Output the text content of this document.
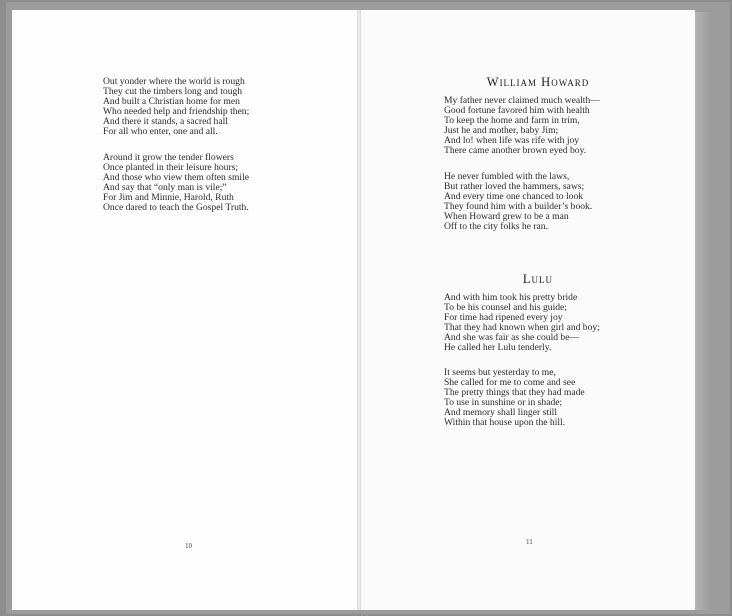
Out yonder where the world is rough
They cut the timbers long and tough
And built a Christian home for men
Who needed help and friendship then;
And there it stands, a sacred hall
For all who enter, one and all.
Around it grow the tender flowers
Once planted in their leisure hours;
And those who view them often smile
And say that “only man is vile;”
For Jim and Minnie, Harold, Ruth
Once dared to teach the Gospel Truth.
10
William Howard
My father never claimed much wealth—
Good fortune favored him with health
To keep the home and farm in trim,
Just he and mother, baby Jim;
And lo! when life was rife with joy
There came another brown eyed boy.
He never fumbled with the laws,
But rather loved the hammers, saws;
And every time one chanced to look
They found him with a builder’s book.
When Howard grew to be a man
Off to the city folks he ran.
Lulu
And with him took his pretty bride
To be his counsel and his guide;
For time had ripened every joy
That they had known when girl and boy;
And she was fair as she could be—
He called her Lulu tenderly.
It seems but yesterday to me,
She called for me to come and see
The pretty things that they had made
To use in sunshine or in shade;
And memory shall linger still
Within that house upon the hill.
11
